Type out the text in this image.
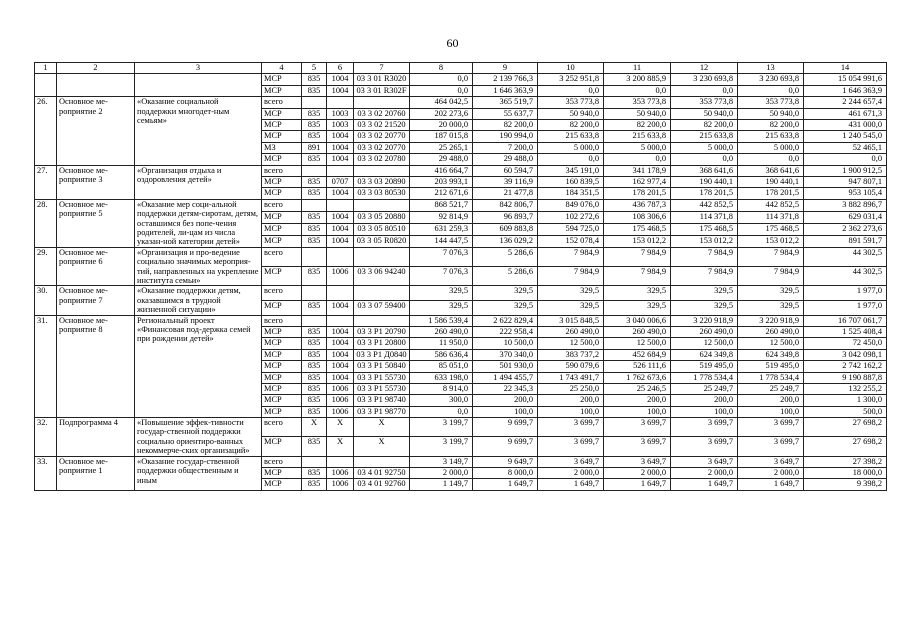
60
1	2	3	4	5	6	7	8	9	10	11	12	13	14
			МСР	835	1004	03 3 01 R3020	0,0	2 139 766,3	3 252 951,8	3 200 885,9	3 230 693,8	3 230 693,8	15 054 991,6
			МСР	835	1004	03 3 01 R302F	0,0	1 646 363,9	0,0	0,0	0,0	0,0	1 646 363,9
26.	Основное ме-роприятие 2	«Оказание социальной поддержки многодет-ным семьям»	всего				464 042,5	365 519,7	353 773,8	353 773,8	353 773,8	353 773,8	2 244 657,4
			МСР	835	1003	03 3 02 20760	202 273,6	55 637,7	50 940,0	50 940,0	50 940,0	50 940,0	461 671,3
			МСР	835	1003	03 3 02 21520	20 000,0	82 200,0	82 200,0	82 200,0	82 200,0	82 200,0	431 000,0
			МСР	835	1004	03 3 02 20770	187 015,8	190 994,0	215 633,8	215 633,8	215 633,8	215 633,8	1 240 545,0
			МЗ	891	1004	03 3 02 20770	25 265,1	7 200,0	5 000,0	5 000,0	5 000,0	5 000,0	52 465,1
			МСР	835	1004	03 3 02 20780	29 488,0	29 488,0	0,0	0,0	0,0	0,0	0,0
27.	Основное ме-роприятие 3	«Организация отдыха и оздоровления детей»	всего				416 664,7	60 594,7	345 191,0	341 178,9	368 641,6	368 641,6	1 900 912,5
			МСР	835	0707	03 3 03 20890	203 993,1	39 116,9	160 839,5	162 977,4	190 440,1	190 440,1	947 807,1
			МСР	835	1004	03 3 03 80530	212 671,6	21 477,8	184 351,5	178 201,5	178 201,5	178 201,5	953 105,4
28.	Основное ме-роприятие 5	«Оказание мер соци-альной поддержки детям-сиротам, детям, оставшимся без попе-чения родителей, ли-цам из числа указан-ной категории детей»	всего				868 521,7	842 806,7	849 076,0	436 787,3	442 852,5	442 852,5	3 882 896,7
			МСР	835	1004	03 3 05 20880	92 814,9	96 893,7	102 272,6	108 306,6	114 371,8	114 371,8	629 031,4
			МСР	835	1004	03 3 05 80510	631 259,3	609 883,8	594 725,0	175 468,5	175 468,5	175 468,5	2 362 273,6
			МСР	835	1004	03 3 05 R0820	144 447,5	136 029,2	152 078,4	153 012,2	153 012,2	153 012,2	891 591,7
29.	Основное ме-роприятие 6	«Организация и про-ведение социально значимых мероприя-тий, направленных на укрепление института семьи»	всего				7 076,3	5 286,6	7 984,9	7 984,9	7 984,9	7 984,9	44 302,5
			МСР	835	1006	03 3 06 94240	7 076,3	5 286,6	7 984,9	7 984,9	7 984,9	7 984,9	44 302,5
30.	Основное ме-роприятие 7	«Оказание поддержки детям, оказавшимся в трудной жизненной ситуации»	всего				329,5	329,5	329,5	329,5	329,5	329,5	1 977,0
			МСР	835	1004	03 3 07 59400	329,5	329,5	329,5	329,5	329,5	329,5	1 977,0
31.	Основное ме-роприятие 8	Региональный проект «Финансовая под-держка семей при рождении детей»	всего				1 586 539,4	2 622 829,4	3 015 848,5	3 040 006,6	3 220 918,9	3 220 918,9	16 707 061,7
			МСР	835	1004	03 3 P1 20790	260 490,0	222 958,4	260 490,0	260 490,0	260 490,0	260 490,0	1 525 408,4
			МСР	835	1004	03 3 P1 20800	11 950,0	10 500,0	12 500,0	12 500,0	12 500,0	12 500,0	72 450,0
			МСР	835	1004	03 3 P1 Д0840	586 636,4	370 340,0	383 737,2	452 684,9	624 349,8	624 349,8	3 042 098,1
			МСР	835	1004	03 3 P1 50840	85 051,0	501 930,0	590 079,6	526 111,6	519 495,0	519 495,0	2 742 162,2
			МСР	835	1004	03 3 P1 55730	633 198,0	1 494 455,7	1 743 491,7	1 762 673,6	1 778 534,4	1 778 534,4	9 190 887,8
			МСР	835	1006	03 3 P1 55730	8 914,0	22 345,3	25 250,0	25 246,5	25 249,7	25 249,7	132 255,2
			МСР	835	1006	03 3 P1 98740	300,0	200,0	200,0	200,0	200,0	200,0	1 300,0
			МСР	835	1006	03 3 P1 98770	0,0	100,0	100,0	100,0	100,0	100,0	500,0
32.	Подпрограмма 4	«Повышение эффек-тивности государ-ственной поддержки социально ориентиро-ванных некоммерче-ских организаций»	всего	X	X	X	3 199,7	9 699,7	3 699,7	3 699,7	3 699,7	3 699,7	27 698,2
			МСР	835	X	X	3 199,7	9 699,7	3 699,7	3 699,7	3 699,7	3 699,7	27 698,2
33.	Основное ме-роприятие 1	«Оказание государ-ственной поддержки общественным и иным	всего				3 149,7	9 649,7	3 649,7	3 649,7	3 649,7	3 649,7	27 398,2
			МСР	835	1006	03 4 01 92750	2 000,0	8 000,0	2 000,0	2 000,0	2 000,0	2 000,0	18 000,0
			МСР	835	1006	03 4 01 92760	1 149,7	1 649,7	1 649,7	1 649,7	1 649,7	1 649,7	9 398,2
